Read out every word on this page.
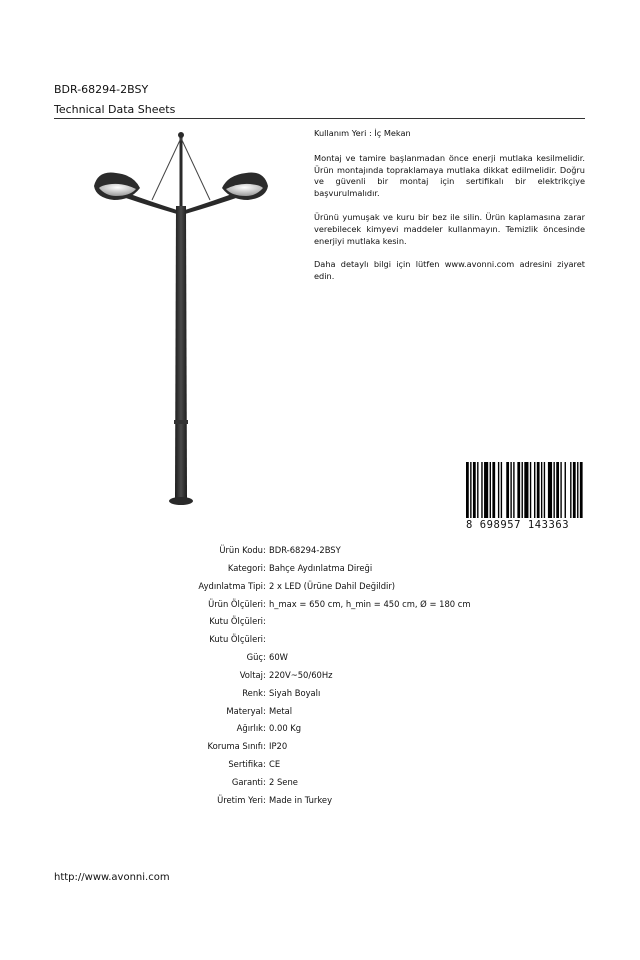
BDR-68294-2BSY
Technical Data Sheets

Kullanım Yeri : İç Mekan

Montaj ve tamire başlanmadan önce enerji mutlaka kesilmelidir. Ürün montajında topraklamaya mutlaka dikkat edilmelidir. Doğru ve güvenli bir montaj için sertifikalı bir elektrikçiye başvurulmalıdır.

Ürünü yumuşak ve kuru bir bez ile silin. Ürün kaplamasına zarar verebilecek kimyevi maddeler kullanmayın. Temizlik öncesinde enerjiyi mutlaka kesin.

Daha detaylı bilgi için lütfen www.avonni.com adresini ziyaret edin.

8 698957 143363
Ürün Kodu : BDR-68294-2BSY
Kategori : Bahçe Aydınlatma Direği
Aydınlatma Tipi : 2 x LED (Ürüne Dahil Değildir)
Ürün Ölçüleri : h_max = 650 cm, h_min = 450 cm, Ø = 180 cm
Kutu Ölçüleri :
Kutu Ölçüleri :
Güç : 60W
Voltaj : 220V~50/60Hz
Renk : Siyah Boyalı
Materyal : Metal
Ağırlık : 0.00 Kg
Koruma Sınıfı : IP20
Sertifika : CE
Garanti : 2 Sene
Üretim Yeri : Made in Turkey
http://www.avonni.com
